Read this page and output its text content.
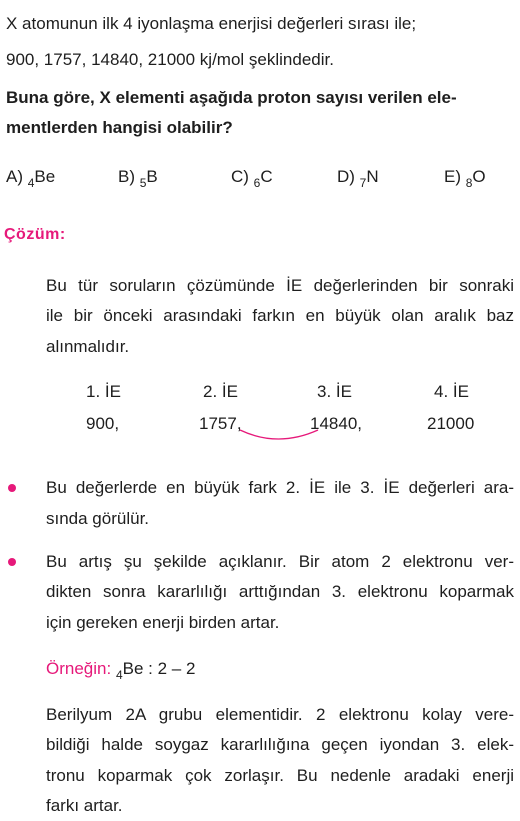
X atomunun ilk 4 iyonlaşma enerjisi değerleri sırası ile;
900, 1757, 14840, 21000 kj/mol şeklindedir.
Buna göre, X elementi aşağıda proton sayısı verilen ele-
mentlerden hangisi olabilir?
A) $_4$Be	B) $_5$B	C) $_6$C	D) $_7$N	E) $_8$O
Çözüm:
Bu tür soruların çözümünde İE değerlerinden bir sonraki
ile bir önceki arasındaki farkın en büyük olan aralık baz
alınmalıdır.
1. İE	2. İE	3. İE	4. İE
900,	1757,	14840,	21000
Bu değerlerde en büyük fark 2. İE ile 3. İE değerleri ara-
sında görülür.
Bu artış şu şekilde açıklanır. Bir atom 2 elektronu ver-
dikten sonra kararlılığı arttığından 3. elektronu koparmak
için gereken enerji birden artar.
Örneğin: $_4$Be : 2 – 2
Berilyum 2A grubu elementidir. 2 elektronu kolay vere-
bildiği halde soygaz kararlılığına geçen iyondan 3. elek-
tronu koparmak çok zorlaşır. Bu nedenle aradaki enerji
farkı artar.
